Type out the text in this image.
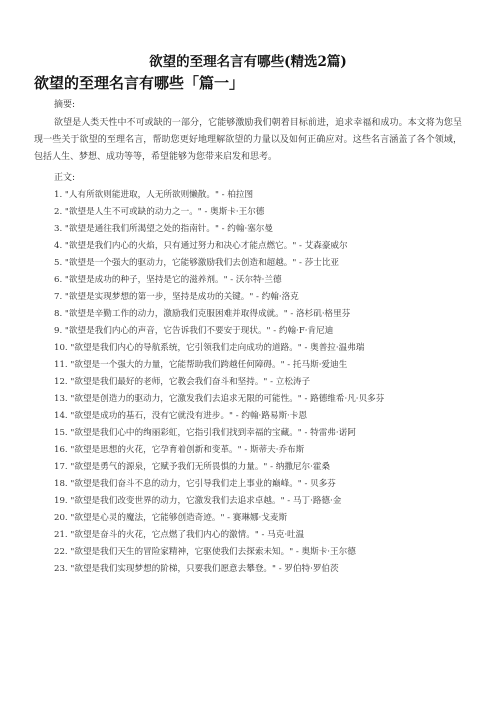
欲望的至理名言有哪些(精选2篇)
欲望的至理名言有哪些「篇一」
摘要:

欲望是人类天性中不可或缺的一部分，它能够激励我们朝着目标前进，追求幸福和成功。本文将为您呈现一些关于欲望的至理名言，帮助您更好地理解欲望的力量以及如何正确应对。这些名言涵盖了各个领域，包括人生、梦想、成功等等，希望能够为您带来启发和思考。

正文:
1. "人有所欲则能进取，人无所欲则懒散。" - 柏拉图
2. "欲望是人生不可或缺的动力之一。" - 奥斯卡·王尔德
3. "欲望是通往我们所渴望之处的指南针。" - 约翰·塞尔曼
4. "欲望是我们内心的火焰，只有通过努力和决心才能点燃它。" - 艾森豪威尔
5. "欲望是一个强大的驱动力，它能够激励我们去创造和超越。" - 莎士比亚
6. "欲望是成功的种子，坚持是它的滋养剂。" - 沃尔特·兰德
7. "欲望是实现梦想的第一步，坚持是成功的关键。" - 约翰·洛克
8. "欲望是辛勤工作的动力，激励我们克服困难并取得成就。" - 洛杉矶·格里芬
9. "欲望是我们内心的声音，它告诉我们不要安于现状。" - 约翰·F·肯尼迪
10. "欲望是我们内心的导航系统，它引领我们走向成功的道路。" - 奥普拉·温弗瑞
11. "欲望是一个强大的力量，它能帮助我们跨越任何障碍。" - 托马斯·爱迪生
12. "欲望是我们最好的老师，它教会我们奋斗和坚持。" - 立松涛子
13. "欲望是创造力的驱动力，它激发我们去追求无限的可能性。" - 路德维希·凡·贝多芬
14. "欲望是成功的基石，没有它就没有进步。" - 约翰·路易斯·卡恩
15. "欲望是我们心中的绚丽彩虹，它指引我们找到幸福的宝藏。" - 特雷弗·诺阿
16. "欲望是思想的火花，它孕育着创新和变革。" - 斯蒂夫·乔布斯
17. "欲望是勇气的源泉，它赋予我们无所畏惧的力量。" - 纳撒尼尔·霍桑
18. "欲望是我们奋斗不息的动力，它引导我们走上事业的巅峰。" - 贝多芬
19. "欲望是我们改变世界的动力，它激发我们去追求卓越。" - 马丁·路德·金
20. "欲望是心灵的魔法，它能够创造奇迹。" - 赛琳娜·戈麦斯
21. "欲望是奋斗的火花，它点燃了我们内心的激情。" - 马克·吐温
22. "欲望是我们天生的冒险家精神，它驱使我们去探索未知。" - 奥斯卡·王尔德
23. "欲望是我们实现梦想的阶梯，只要我们愿意去攀登。" - 罗伯特·罗伯茨
